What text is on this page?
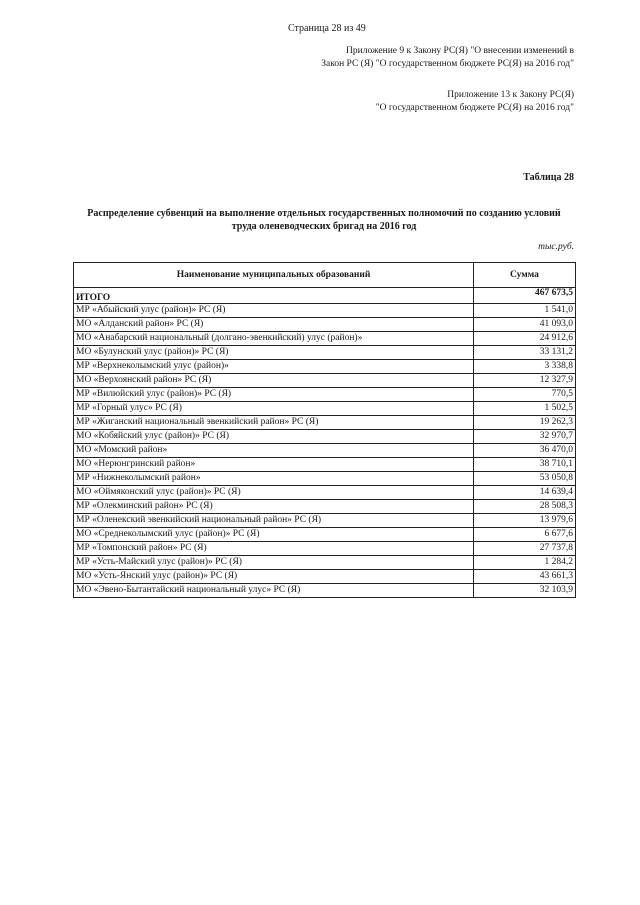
Страница 28 из 49
Приложение 9 к Закону РС(Я) "О внесении изменений в
Закон РС (Я) "О государственном бюджете РС(Я) на 2016 год"
Приложение 13 к Закону РС(Я)
"О государственном бюджете РС(Я) на 2016 год"
Таблица 28
Распределение субвенций на выполнение отдельных государственных полномочий по созданию условий
труда оленеводческих бригад на 2016 год
тыс.руб.
Наименование муниципальных образований	Сумма
ИТОГО	467 673,5
МР «Абыйский улус (район)» РС (Я)	1 541,0
МО «Алданский район» РС (Я)	41 093,0
МО «Анабарский национальный (долгано-эвенкийский) улус (район)»	24 912,6
МО «Булунский улус (район)» РС (Я)	33 131,2
МР «Верхнеколымский улус (район)»	3 338,8
МО «Верхоянский район» РС (Я)	12 327,9
МР «Вилюйский улус (район)» РС (Я)	770,5
МР «Горный улус» РС (Я)	1 502,5
МР «Жиганский национальный эвенкийский район» РС (Я)	19 262,3
МО «Кобяйский улус (район)» РС (Я)	32 970,7
МО «Момский район»	36 470,0
МО «Нерюнгринский район»	38 710,1
МР «Нижнеколымский район»	53 050,8
МО «Оймяконский улус (район)» РС (Я)	14 639,4
МР «Олекминский район» РС (Я)	28 508,3
МР «Оленекский эвенкийский национальный район» РС (Я)	13 979,6
МО «Среднеколымский улус (район)» РС (Я)	6 677,6
МР «Томпонский район» РС (Я)	27 737,8
МР «Усть-Майский улус (район)» РС (Я)	1 284,2
МО «Усть-Янский улус (район)» РС (Я)	43 661,3
МО «Эвено-Бытантайский национальный улус» РС (Я)	32 103,9
